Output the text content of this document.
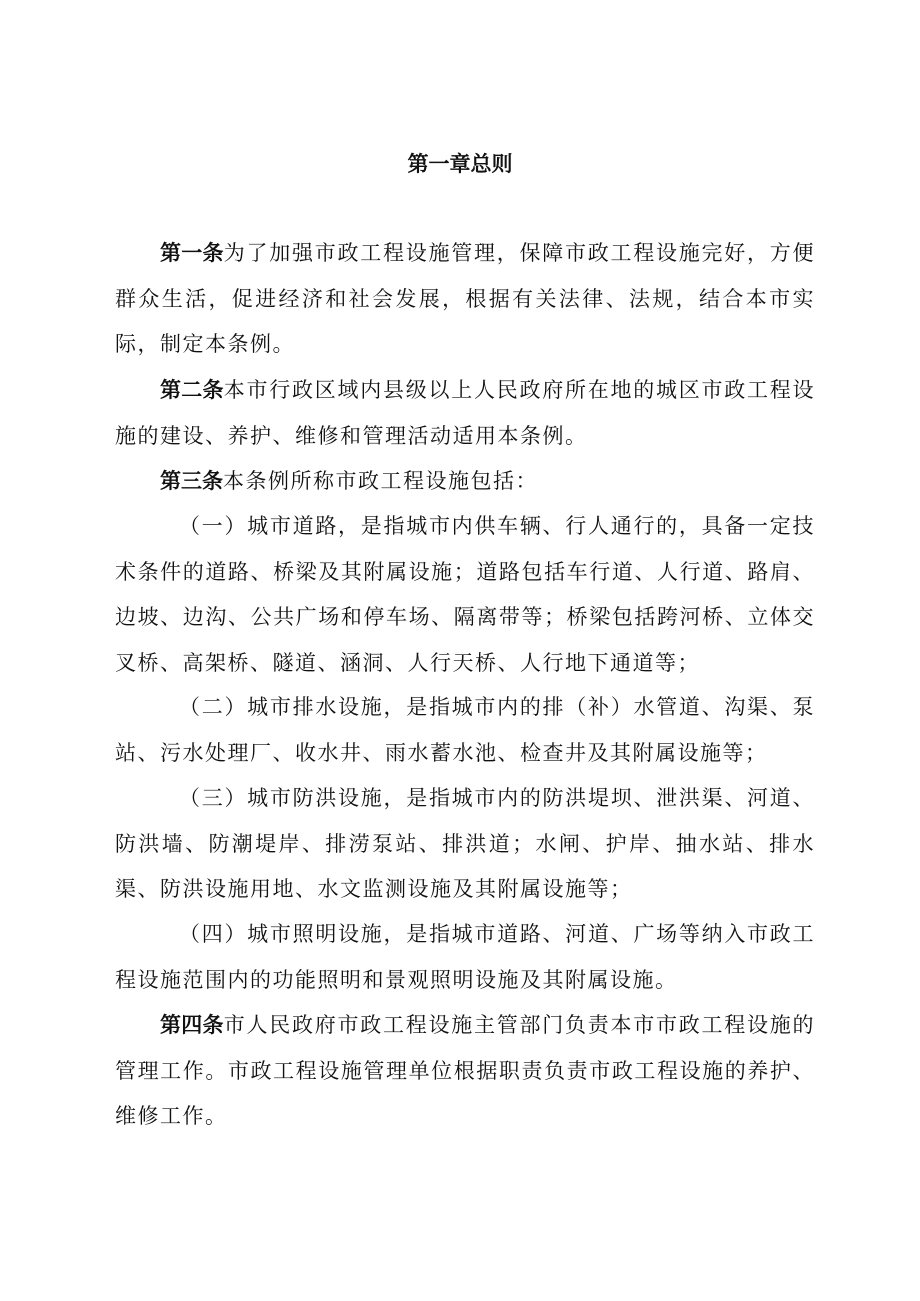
第一章总则

第一条为了加强市政工程设施管理，保障市政工程设施完好，方便群众生活，促进经济和社会发展，根据有关法律、法规，结合本市实际，制定本条例。

第二条本市行政区域内县级以上人民政府所在地的城区市政工程设施的建设、养护、维修和管理活动适用本条例。

第三条本条例所称市政工程设施包括：

（一）城市道路，是指城市内供车辆、行人通行的，具备一定技术条件的道路、桥梁及其附属设施；道路包括车行道、人行道、路肩、边坡、边沟、公共广场和停车场、隔离带等；桥梁包括跨河桥、立体交叉桥、高架桥、隧道、涵洞、人行天桥、人行地下通道等；

（二）城市排水设施，是指城市内的排（补）水管道、沟渠、泵站、污水处理厂、收水井、雨水蓄水池、检查井及其附属设施等；

（三）城市防洪设施，是指城市内的防洪堤坝、泄洪渠、河道、防洪墙、防潮堤岸、排涝泵站、排洪道；水闸、护岸、抽水站、排水渠、防洪设施用地、水文监测设施及其附属设施等；

（四）城市照明设施，是指城市道路、河道、广场等纳入市政工程设施范围内的功能照明和景观照明设施及其附属设施。

第四条市人民政府市政工程设施主管部门负责本市市政工程设施的管理工作。市政工程设施管理单位根据职责负责市政工程设施的养护、维修工作。
